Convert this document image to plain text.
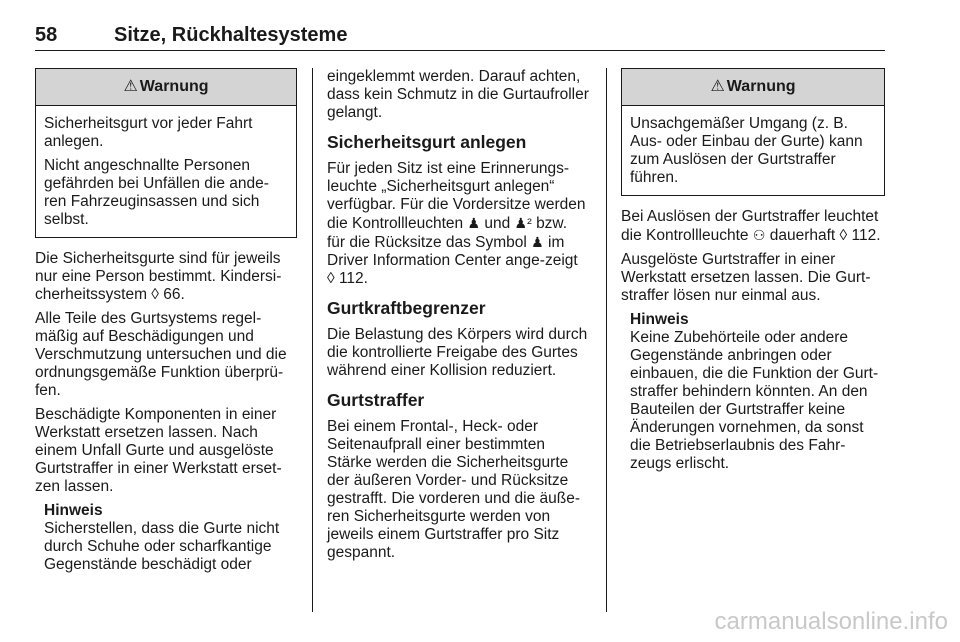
58	Sitze, Rückhaltesysteme
⚠ Warnung

Sicherheitsgurt vor jeder Fahrt anlegen.

Nicht angeschnallte Personen gefährden bei Unfällen die ande-ren Fahrzeuginsassen und sich selbst.

Die Sicherheitsgurte sind für jeweils nur eine Person bestimmt. Kindersi-cherheitssystem ◊ 66.

Alle Teile des Gurtsystems regel-mäßig auf Beschädigungen und Verschmutzung untersuchen und die ordnungsgemäße Funktion überprü-fen.

Beschädigte Komponenten in einer Werkstatt ersetzen lassen. Nach einem Unfall Gurte und ausgelöste Gurtstraffer in einer Werkstatt erset-zen lassen.

Hinweis
Sicherstellen, dass die Gurte nicht durch Schuhe oder scharfkantige Gegenstände beschädigt oder

eingeklemmt werden. Darauf achten, dass kein Schmutz in die Gurtaufroller gelangt.

Sicherheitsgurt anlegen

Für jeden Sitz ist eine Erinnerungs-leuchte „Sicherheitsgurt anlegen“ verfügbar. Für die Vordersitze werden die Kontrollleuchten ♟ und ♟² bzw. für die Rücksitze das Symbol ♟ im Driver Information Center ange-zeigt ◊ 112.

Gurtkraftbegrenzer

Die Belastung des Körpers wird durch die kontrollierte Freigabe des Gurtes während einer Kollision reduziert.

Gurtstraffer

Bei einem Frontal-, Heck- oder Seitenaufprall einer bestimmten Stärke werden die Sicherheitsgurte der äußeren Vorder- und Rücksitze gestrafft. Die vorderen und die äuße-ren Sicherheitsgurte werden von jeweils einem Gurtstraffer pro Sitz gespannt.

⚠ Warnung

Unsachgemäßer Umgang (z. B. Aus- oder Einbau der Gurte) kann zum Auslösen der Gurtstraffer führen.

Bei Auslösen der Gurtstraffer leuchtet die Kontrollleuchte ⚇ dauerhaft ◊ 112.

Ausgelöste Gurtstraffer in einer Werkstatt ersetzen lassen. Die Gurt-straffer lösen nur einmal aus.

Hinweis
Keine Zubehörteile oder andere Gegenstände anbringen oder einbauen, die die Funktion der Gurt-straffer behindern könnten. An den Bauteilen der Gurtstraffer keine Änderungen vornehmen, da sonst die Betriebserlaubnis des Fahr-zeugs erlischt.
carmanualsonline.info
